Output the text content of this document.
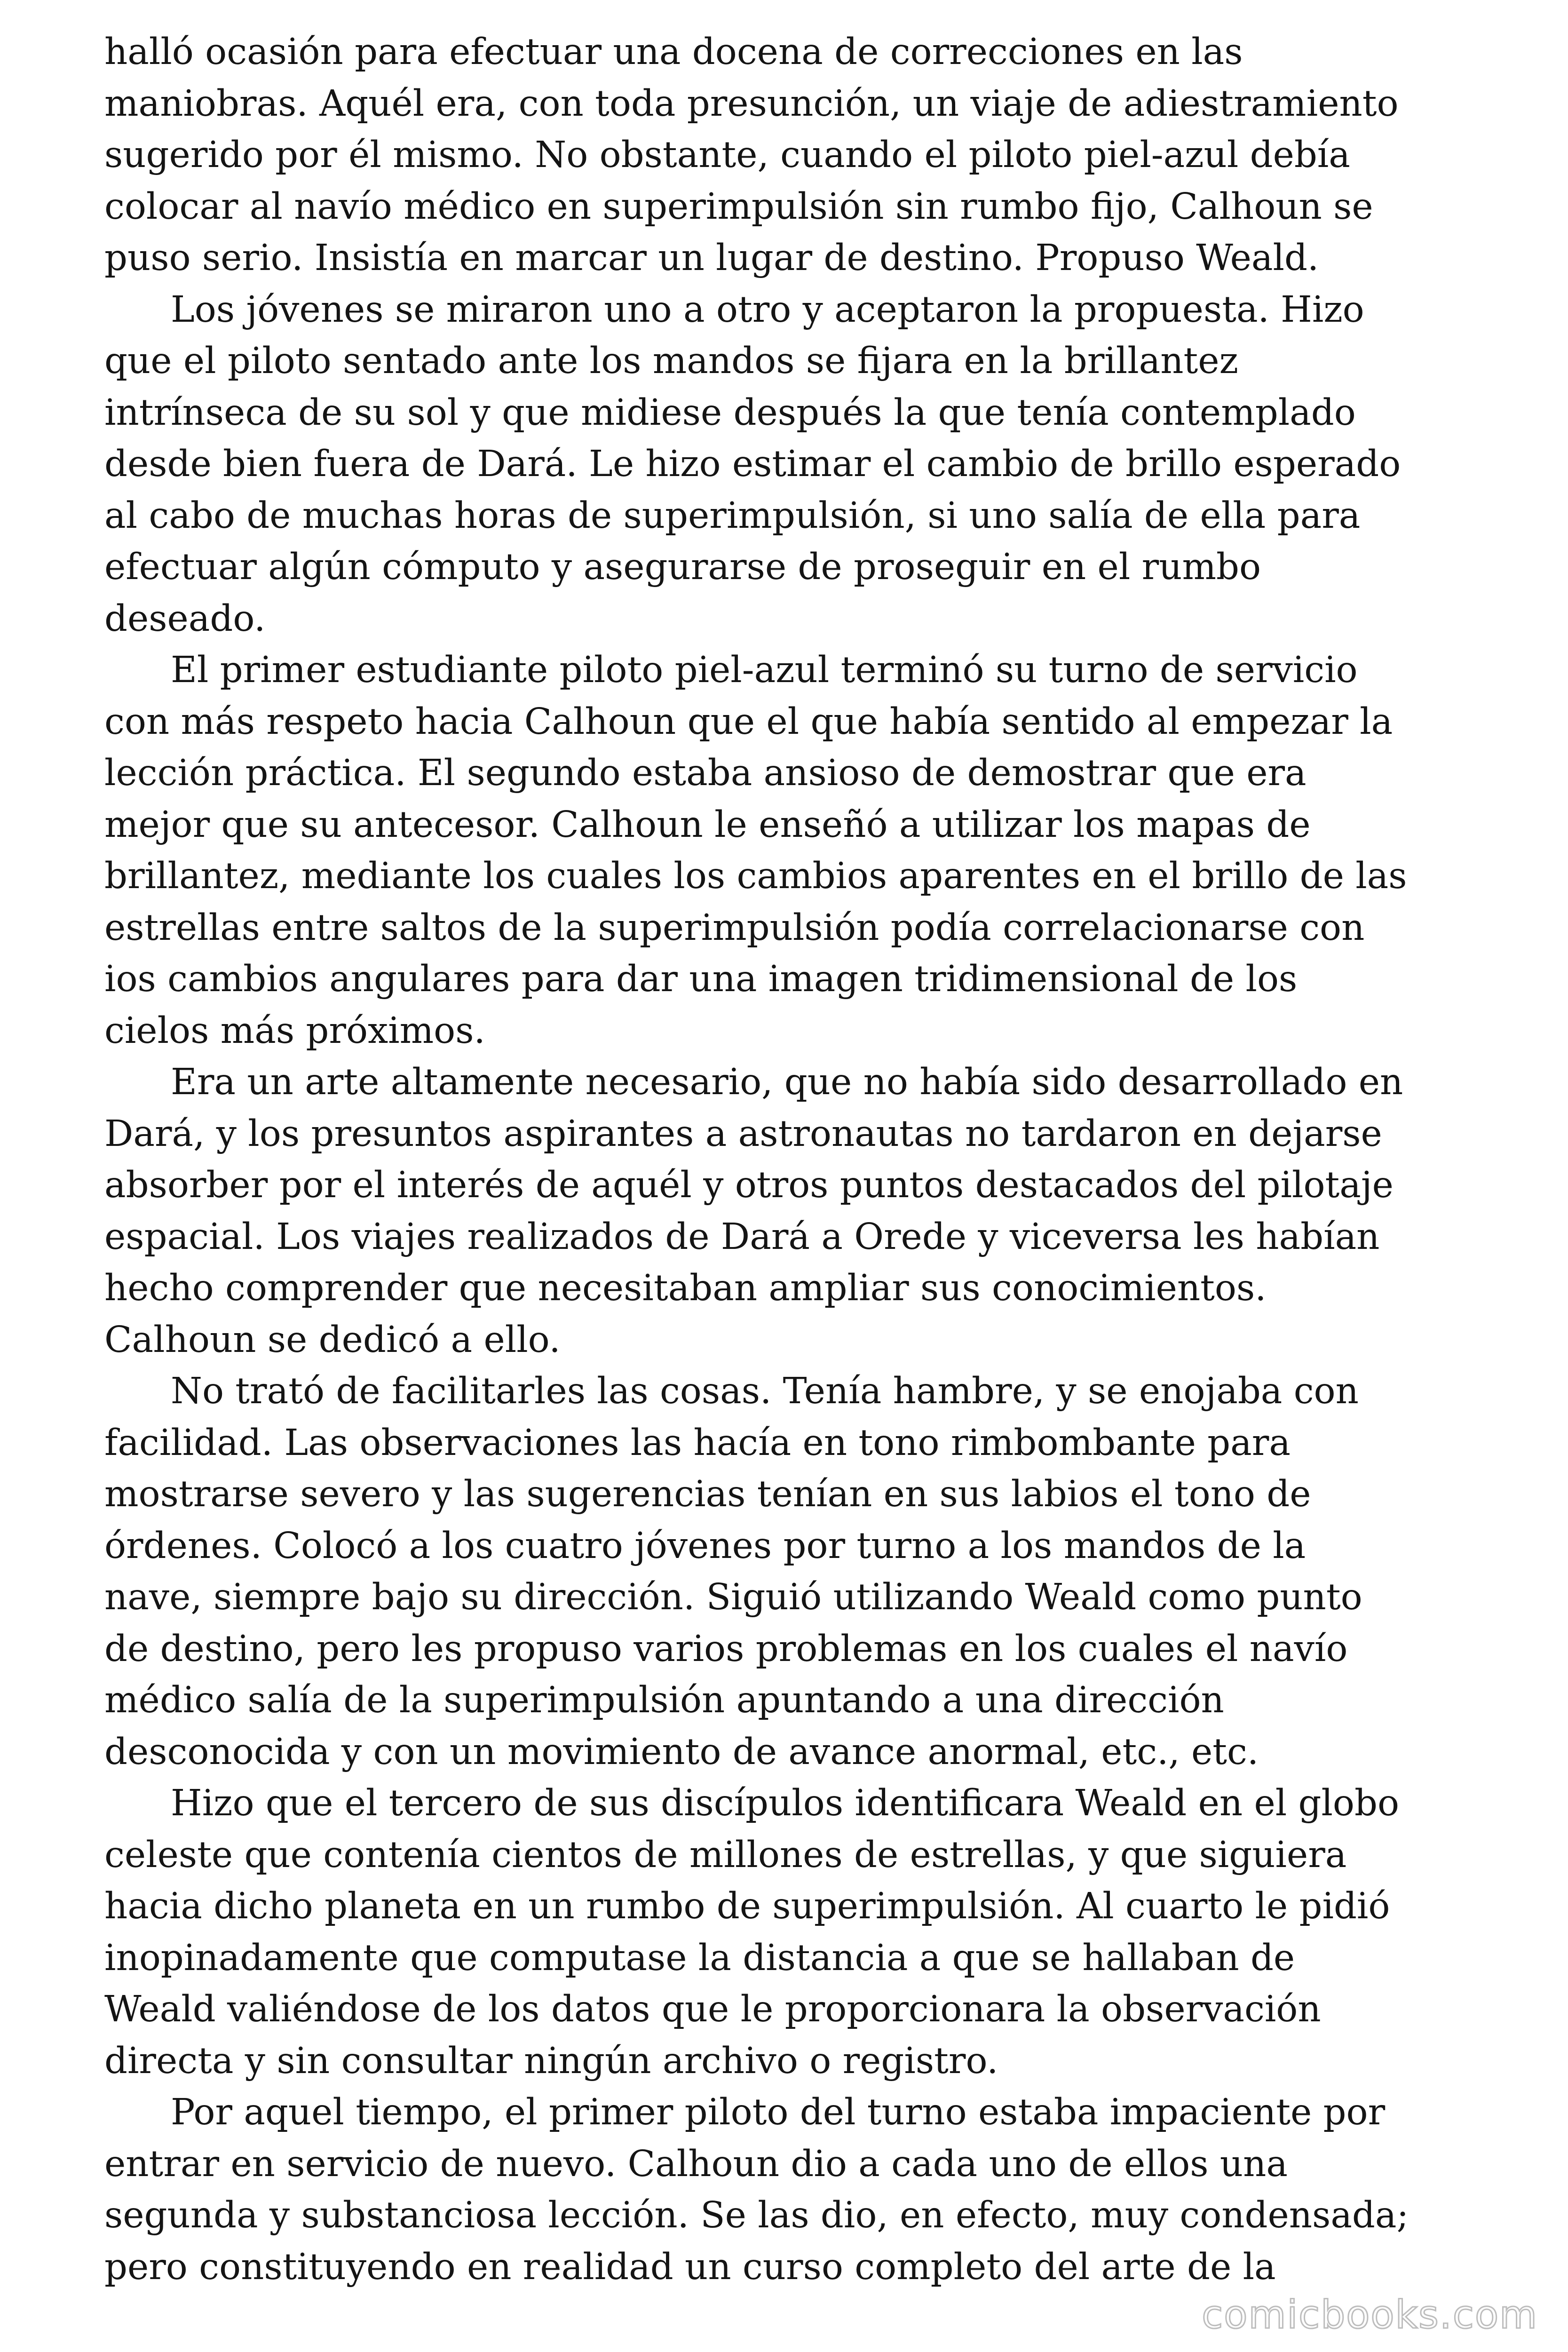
halló ocasión para efectuar una docena de correcciones en las
maniobras. Aquél era, con toda presunción, un viaje de adiestramiento
sugerido por él mismo. No obstante, cuando el piloto piel-azul debía
colocar al navío médico en superimpulsión sin rumbo fijo, Calhoun se
puso serio. Insistía en marcar un lugar de destino. Propuso Weald.

Los jóvenes se miraron uno a otro y aceptaron la propuesta. Hizo
que el piloto sentado ante los mandos se fijara en la brillantez
intrínseca de su sol y que midiese después la que tenía contemplado
desde bien fuera de Dará. Le hizo estimar el cambio de brillo esperado
al cabo de muchas horas de superimpulsión, si uno salía de ella para
efectuar algún cómputo y asegurarse de proseguir en el rumbo
deseado.

El primer estudiante piloto piel-azul terminó su turno de servicio
con más respeto hacia Calhoun que el que había sentido al empezar la
lección práctica. El segundo estaba ansioso de demostrar que era
mejor que su antecesor. Calhoun le enseñó a utilizar los mapas de
brillantez, mediante los cuales los cambios aparentes en el brillo de las
estrellas entre saltos de la superimpulsión podía correlacionarse con
ios cambios angulares para dar una imagen tridimensional de los
cielos más próximos.

Era un arte altamente necesario, que no había sido desarrollado en
Dará, y los presuntos aspirantes a astronautas no tardaron en dejarse
absorber por el interés de aquél y otros puntos destacados del pilotaje
espacial. Los viajes realizados de Dará a Orede y viceversa les habían
hecho comprender que necesitaban ampliar sus conocimientos.
Calhoun se dedicó a ello.

No trató de facilitarles las cosas. Tenía hambre, y se enojaba con
facilidad. Las observaciones las hacía en tono rimbombante para
mostrarse severo y las sugerencias tenían en sus labios el tono de
órdenes. Colocó a los cuatro jóvenes por turno a los mandos de la
nave, siempre bajo su dirección. Siguió utilizando Weald como punto
de destino, pero les propuso varios problemas en los cuales el navío
médico salía de la superimpulsión apuntando a una dirección
desconocida y con un movimiento de avance anormal, etc., etc.

Hizo que el tercero de sus discípulos identificara Weald en el globo
celeste que contenía cientos de millones de estrellas, y que siguiera
hacia dicho planeta en un rumbo de superimpulsión. Al cuarto le pidió
inopinadamente que computase la distancia a que se hallaban de
Weald valiéndose de los datos que le proporcionara la observación
directa y sin consultar ningún archivo o registro.

Por aquel tiempo, el primer piloto del turno estaba impaciente por
entrar en servicio de nuevo. Calhoun dio a cada uno de ellos una
segunda y substanciosa lección. Se las dio, en efecto, muy condensada;
pero constituyendo en realidad un curso completo del arte de la

comicbooks.com
